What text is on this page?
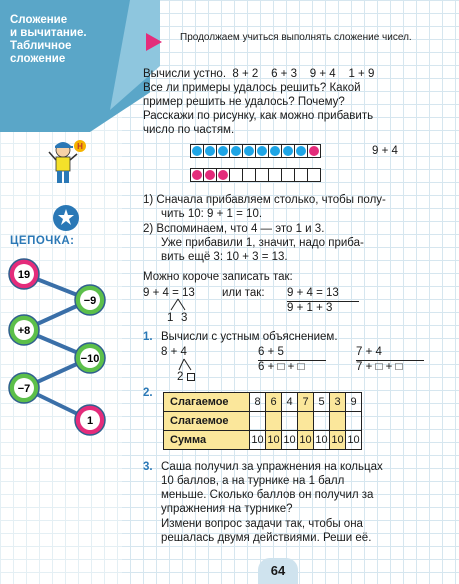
Сложение
и вычитание.
Табличное
сложение
Н
ЦЕПОЧКА:
19
−9
+8
−10
−7
1
Продолжаем учиться выполнять сложение чисел.
Вычисли устно. 8 + 2 6 + 3 9 + 4 1 + 9
Все ли примеры удалось решить? Какой
пример решить не удалось? Почему?
Расскажи по рисунку, как можно прибавить
число по частям.
9 + 4
1) Сначала прибавляем столько, чтобы полу-
чить 10: 9 + 1 = 10.
2) Вспоминаем, что 4 — это 1 и 3.
Уже прибавили 1, значит, надо приба-
вить ещё 3: 10 + 3 = 13.
Можно короче записать так:
9 + 4 = 13 или так: 9 + 4 = 13
9 + 1 + 3
1 3
1. Вычисли с устным объяснением.
8 + 4
2
6 + 5
6 + □ + □
7 + 4
7 + □ + □
2.
Слагаемое	8	6	4	7	5	3	9
Слагаемое							
Сумма	10	10	10	10	10	10	10
3. Саша получил за упражнения на кольцах
10 баллов, а на турнике на 1 балл
меньше. Сколько баллов он получил за
упражнения на турнике?
Измени вопрос задачи так, чтобы она
решалась двумя действиями. Реши её.
64
